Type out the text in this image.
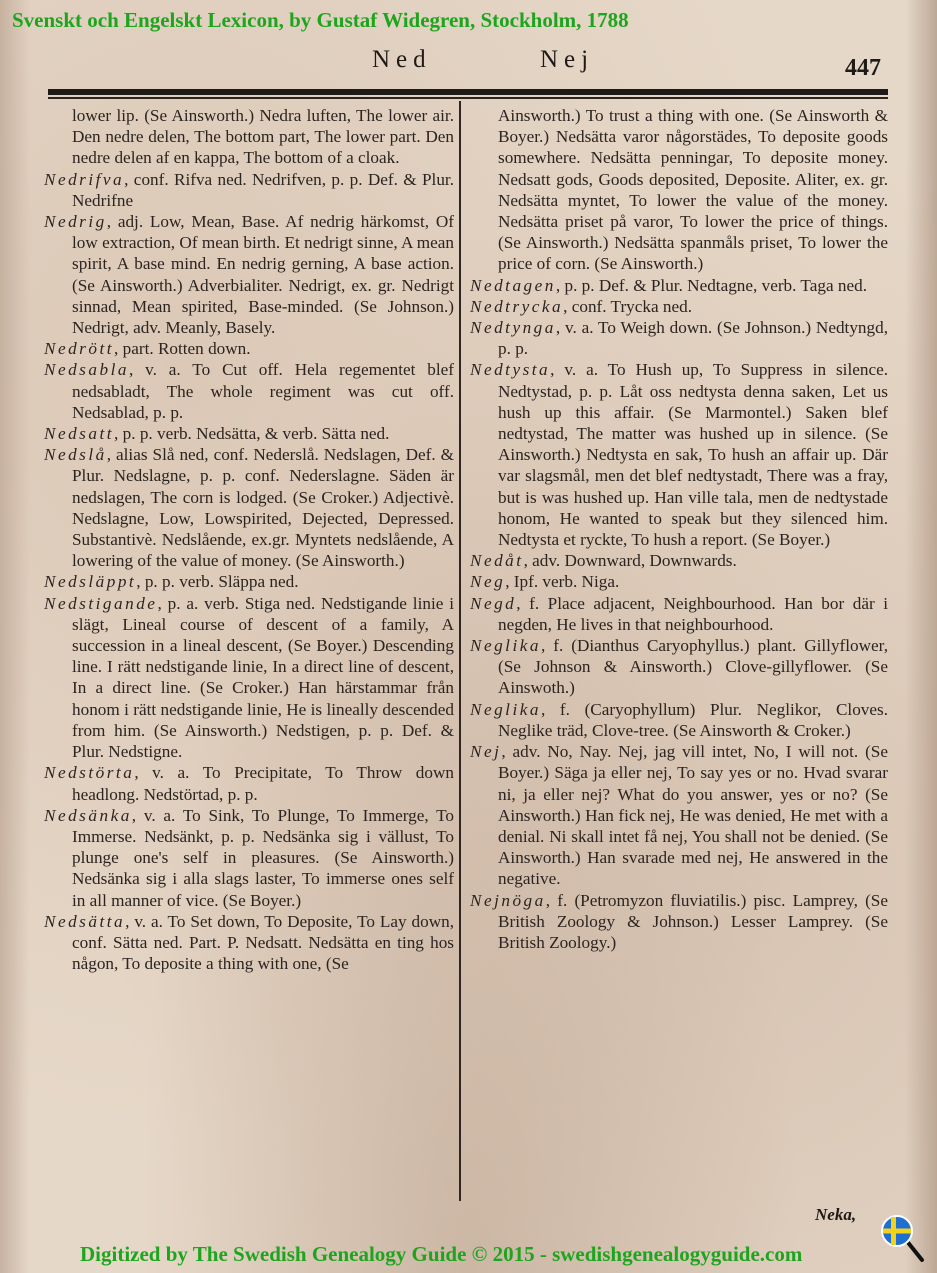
Svenskt och Engelskt Lexicon, by Gustaf Widegren, Stockholm, 1788
Ned	Nej	447

lower lip. (Se Ainsworth.) Nedra luften, The lower air. Den nedre delen, The bottom part, The lower part. Den nedre delen af en kappa, The bottom of a cloak.

Nedrifva, conf. Rifva ned. Nedrifven, p. p. Def. & Plur. Nedrifne

Nedrig, adj. Low, Mean, Base. Af nedrig härkomst, Of low extraction, Of mean birth. Et nedrigt sinne, A mean spirit, A base mind. En nedrig gerning, A base action. (Se Ainsworth.) Adverbialiter. Nedrigt, ex. gr. Nedrigt sinnad, Mean spirited, Base-minded. (Se Johnson.) Nedrigt, adv. Meanly, Basely.

Nedrött, part. Rotten down.

Nedsabla, v. a. To Cut off. Hela regementet blef nedsabladt, The whole regiment was cut off. Nedsablad, p. p.

Nedsatt, p. p. verb. Nedsätta, & verb. Sätta ned.

Nedslå, alias Slå ned, conf. Nederslå. Nedslagen, Def. & Plur. Nedslagne, p. p. conf. Nederslagne. Säden är nedslagen, The corn is lodged. (Se Croker.) Adjectivè. Nedslagne, Low, Lowspirited, Dejected, Depressed. Substantivè. Nedslående, ex.gr. Myntets nedslående, A lowering of the value of money. (Se Ainsworth.)

Nedsläppt, p. p. verb. Släppa ned.

Nedstigande, p. a. verb. Stiga ned. Nedstigande linie i slägt, Lineal course of descent of a family, A succession in a lineal descent, (Se Boyer.) Descending line. I rätt nedstigande linie, In a direct line of descent, In a direct line. (Se Croker.) Han härstammar från honom i rätt nedstigande linie, He is lineally descended from him. (Se Ainsworth.) Nedstigen, p. p. Def. & Plur. Nedstigne.

Nedstörta, v. a. To Precipitate, To Throw down headlong. Nedstörtad, p. p.

Nedsänka, v. a. To Sink, To Plunge, To Immerge, To Immerse. Nedsänkt, p. p. Nedsänka sig i vällust, To plunge one's self in pleasures. (Se Ainsworth.) Nedsänka sig i alla slags laster, To immerse ones self in all manner of vice. (Se Boyer.)

Nedsätta, v. a. To Set down, To Deposite, To Lay down, conf. Sätta ned. Part. P. Nedsatt. Nedsätta en ting hos någon, To deposite a thing with one, (Se

Ainsworth.) To trust a thing with one. (Se Ainsworth & Boyer.) Nedsätta varor någorstädes, To deposite goods somewhere. Nedsätta penningar, To deposite money. Nedsatt gods, Goods deposited, Deposite. Aliter, ex. gr. Nedsätta myntet, To lower the value of the money. Nedsätta priset på varor, To lower the price of things. (Se Ainsworth.) Nedsätta spanmåls priset, To lower the price of corn. (Se Ainsworth.)

Nedtagen, p. p. Def. & Plur. Nedtagne, verb. Taga ned.

Nedtrycka, conf. Trycka ned.

Nedtynga, v. a. To Weigh down. (Se Johnson.) Nedtyngd, p. p.

Nedtysta, v. a. To Hush up, To Suppress in silence. Nedtystad, p. p. Låt oss nedtysta denna saken, Let us hush up this affair. (Se Marmontel.) Saken blef nedtystad, The matter was hushed up in silence. (Se Ainsworth.) Nedtysta en sak, To hush an affair up. Där var slagsmål, men det blef nedtystadt, There was a fray, but is was hushed up. Han ville tala, men de nedtystade honom, He wanted to speak but they silenced him. Nedtysta et ryckte, To hush a report. (Se Boyer.)

Nedåt, adv. Downward, Downwards.

Neg, Ipf. verb. Niga.

Negd, f. Place adjacent, Neighbourhood. Han bor där i negden, He lives in that neighbourhood.

Neglika, f. (Dianthus Caryophyllus.) plant. Gillyflower, (Se Johnson & Ainsworth.) Clove-gillyflower. (Se Ainswoth.)

Neglika, f. (Caryophyllum) Plur. Neglikor, Cloves. Neglike träd, Clove-tree. (Se Ainsworth & Croker.)

Nej, adv. No, Nay. Nej, jag vill intet, No, I will not. (Se Boyer.) Säga ja eller nej, To say yes or no. Hvad svarar ni, ja eller nej? What do you answer, yes or no? (Se Ainsworth.) Han fick nej, He was denied, He met with a denial. Ni skall intet få nej, You shall not be denied. (Se Ainsworth.) Han svarade med nej, He answered in the negative.

Nejnöga, f. (Petromyzon fluviatilis.) pisc. Lamprey, (Se British Zoology & Johnson.) Lesser Lamprey. (Se British Zoology.)

Neka,
Digitized by The Swedish Genealogy Guide © 2015 - swedishgenealogyguide.com
